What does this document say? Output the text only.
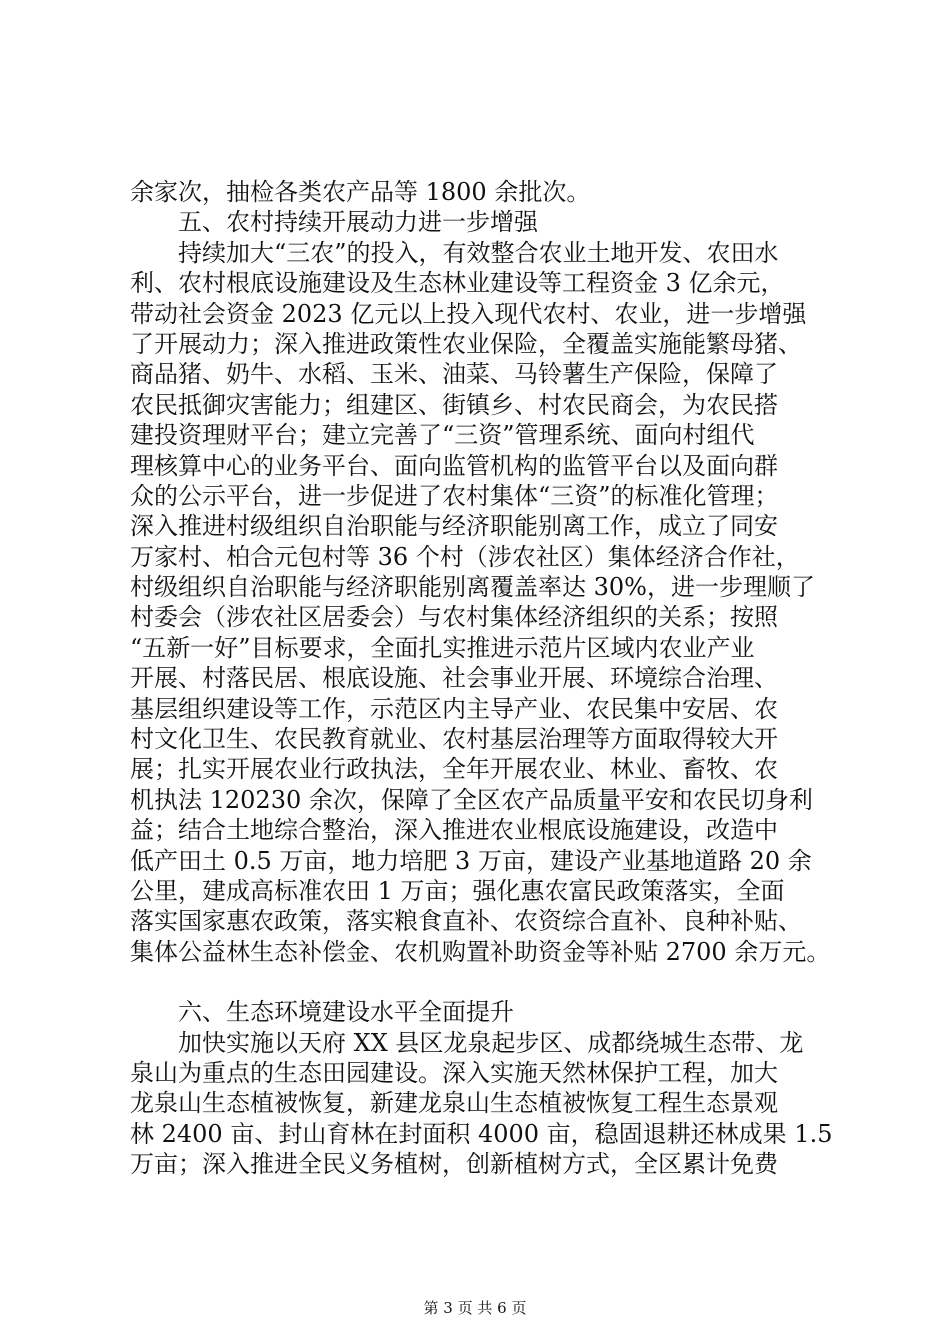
余家次，抽检各类农产品等 1800 余批次。
五、农村持续开展动力进一步增强
持续加大“三农”的投入，有效整合农业土地开发、农田水
利、农村根底设施建设及生态林业建设等工程资金 3 亿余元，
带动社会资金 2023 亿元以上投入现代农村、农业，进一步增强
了开展动力；深入推进政策性农业保险，全覆盖实施能繁母猪、
商品猪、奶牛、水稻、玉米、油菜、马铃薯生产保险，保障了
农民抵御灾害能力；组建区、街镇乡、村农民商会，为农民搭
建投资理财平台；建立完善了“三资”管理系统、面向村组代
理核算中心的业务平台、面向监管机构的监管平台以及面向群
众的公示平台，进一步促进了农村集体“三资”的标准化管理；
深入推进村级组织自治职能与经济职能别离工作，成立了同安
万家村、柏合元包村等 36 个村（涉农社区）集体经济合作社，
村级组织自治职能与经济职能别离覆盖率达 30%，进一步理顺了
村委会（涉农社区居委会）与农村集体经济组织的关系；按照
“五新一好”目标要求，全面扎实推进示范片区域内农业产业
开展、村落民居、根底设施、社会事业开展、环境综合治理、
基层组织建设等工作，示范区内主导产业、农民集中安居、农
村文化卫生、农民教育就业、农村基层治理等方面取得较大开
展；扎实开展农业行政执法，全年开展农业、林业、畜牧、农
机执法 120230 余次，保障了全区农产品质量平安和农民切身利
益；结合土地综合整治，深入推进农业根底设施建设，改造中
低产田土 0.5 万亩，地力培肥 3 万亩，建设产业基地道路 20 余
公里，建成高标准农田 1 万亩；强化惠农富民政策落实，全面
落实国家惠农政策，落实粮食直补、农资综合直补、良种补贴、
集体公益林生态补偿金、农机购置补助资金等补贴 2700 余万元。
六、生态环境建设水平全面提升
加快实施以天府 XX 县区龙泉起步区、成都绕城生态带、龙
泉山为重点的生态田园建设。深入实施天然林保护工程，加大
龙泉山生态植被恢复，新建龙泉山生态植被恢复工程生态景观
林 2400 亩、封山育林在封面积 4000 亩，稳固退耕还林成果 1.5
万亩；深入推进全民义务植树，创新植树方式，全区累计免费
第 3 页 共 6 页
